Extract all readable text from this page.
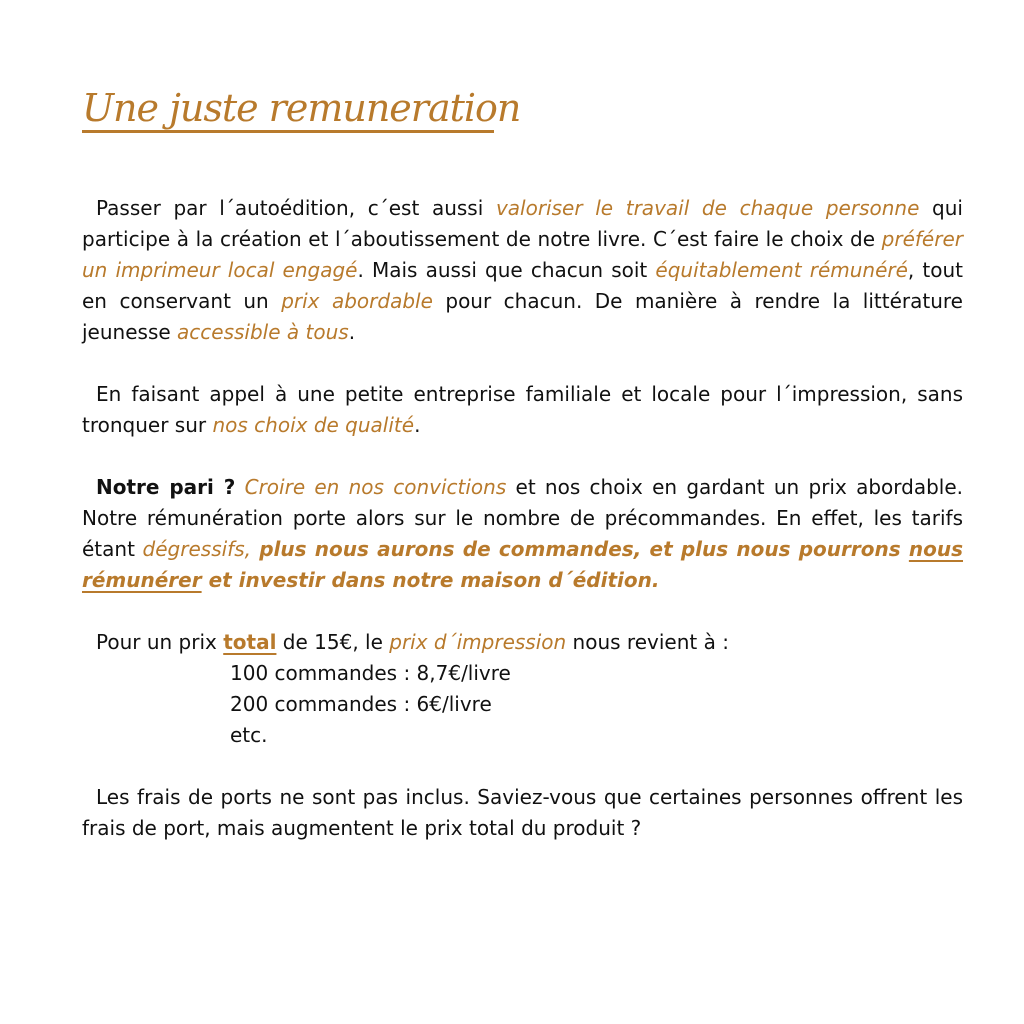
Une juste remuneration

Passer par l´autoédition, c´est aussi valoriser le travail de chaque personne qui participe à la création et l´aboutissement de notre livre. C´est faire le choix de préférer un imprimeur local engagé. Mais aussi que chacun soit équitablement rémunéré, tout en conservant un prix abordable pour chacun. De manière à rendre la littérature jeunesse accessible à tous.

En faisant appel à une petite entreprise familiale et locale pour l´impression, sans tronquer sur nos choix de qualité.

Notre pari ? Croire en nos convictions et nos choix en gardant un prix abordable. Notre rémunération porte alors sur le nombre de précommandes. En effet, les tarifs étant dégressifs, plus nous aurons de commandes, et plus nous pourrons nous rémunérer et investir dans notre maison d´édition.

Pour un prix total de 15€, le prix d´impression nous revient à :

100 commandes : 8,7€/livre
200 commandes : 6€/livre
etc.

Les frais de ports ne sont pas inclus. Saviez-vous que certaines personnes offrent les frais de port, mais augmentent le prix total du produit ?
